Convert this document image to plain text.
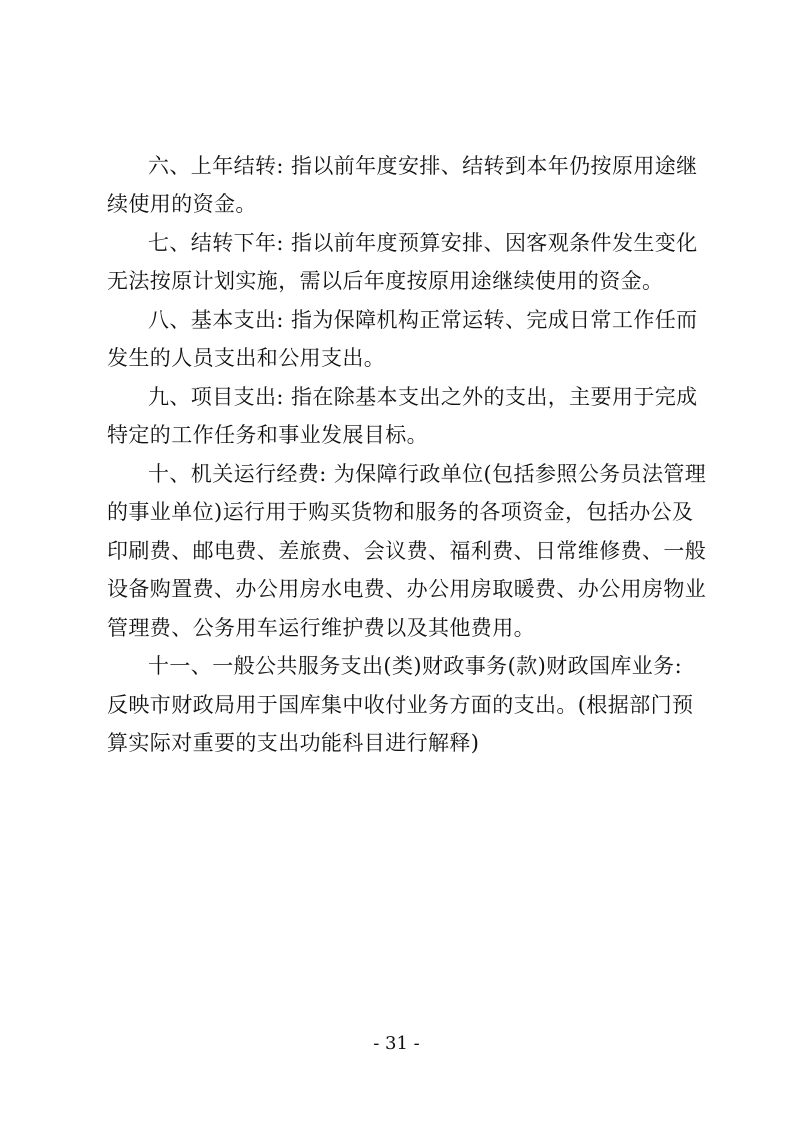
六、上年结转: 指以前年度安排、结转到本年仍按原用途继
续使用的资金。
七、结转下年: 指以前年度预算安排、因客观条件发生变化
无法按原计划实施，需以后年度按原用途继续使用的资金。
八、基本支出: 指为保障机构正常运转、完成日常工作任而
发生的人员支出和公用支出。
九、项目支出: 指在除基本支出之外的支出，主要用于完成
特定的工作任务和事业发展目标。
十、机关运行经费: 为保障行政单位(包括参照公务员法管理
的事业单位)运行用于购买货物和服务的各项资金，包括办公及
印刷费、邮电费、差旅费、会议费、福利费、日常维修费、一般
设备购置费、办公用房水电费、办公用房取暖费、办公用房物业
管理费、公务用车运行维护费以及其他费用。
十一、一般公共服务支出(类)财政事务(款)财政国库业务:
反映市财政局用于国库集中收付业务方面的支出。(根据部门预
算实际对重要的支出功能科目进行解释)
- 31 -
